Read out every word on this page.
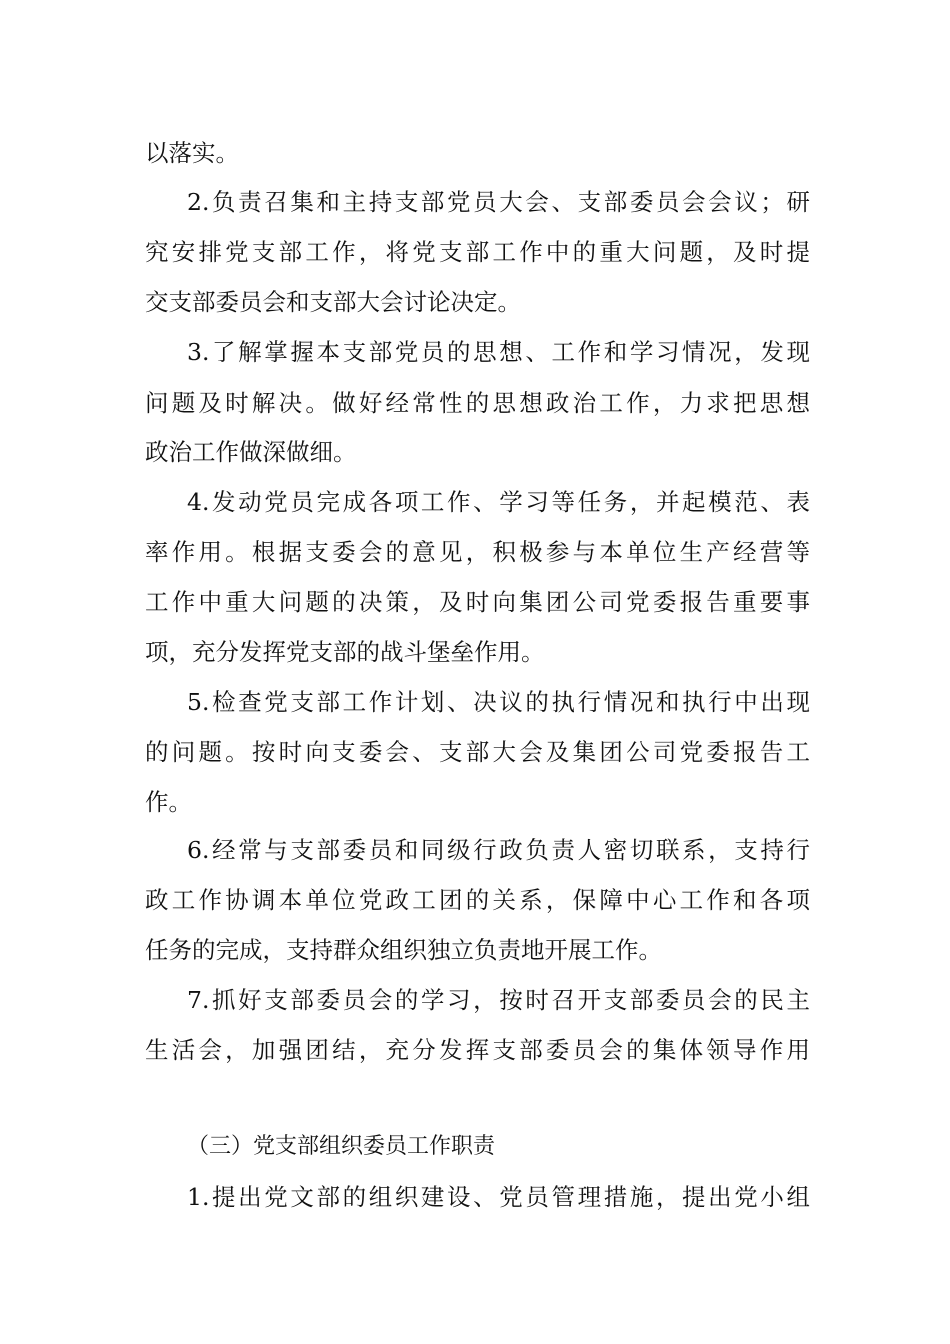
以落实。
2.负责召集和主持支部党员大会、支部委员会会议；研
究安排党支部工作，将党支部工作中的重大问题，及时提
交支部委员会和支部大会讨论决定。
3.了解掌握本支部党员的思想、工作和学习情况，发现
问题及时解决。做好经常性的思想政治工作，力求把思想
政治工作做深做细。
4.发动党员完成各项工作、学习等任务，并起模范、表
率作用。根据支委会的意见，积极参与本单位生产经营等
工作中重大问题的决策，及时向集团公司党委报告重要事
项，充分发挥党支部的战斗堡垒作用。
5.检查党支部工作计划、决议的执行情况和执行中出现
的问题。按时向支委会、支部大会及集团公司党委报告工
作。
6.经常与支部委员和同级行政负责人密切联系，支持行
政工作协调本单位党政工团的关系，保障中心工作和各项
任务的完成，支持群众组织独立负责地开展工作。
7.抓好支部委员会的学习，按时召开支部委员会的民主
生活会，加强团结，充分发挥支部委员会的集体领导作用
（三）党支部组织委员工作职责
1.提出党文部的组织建设、党员管理措施，提出党小组
